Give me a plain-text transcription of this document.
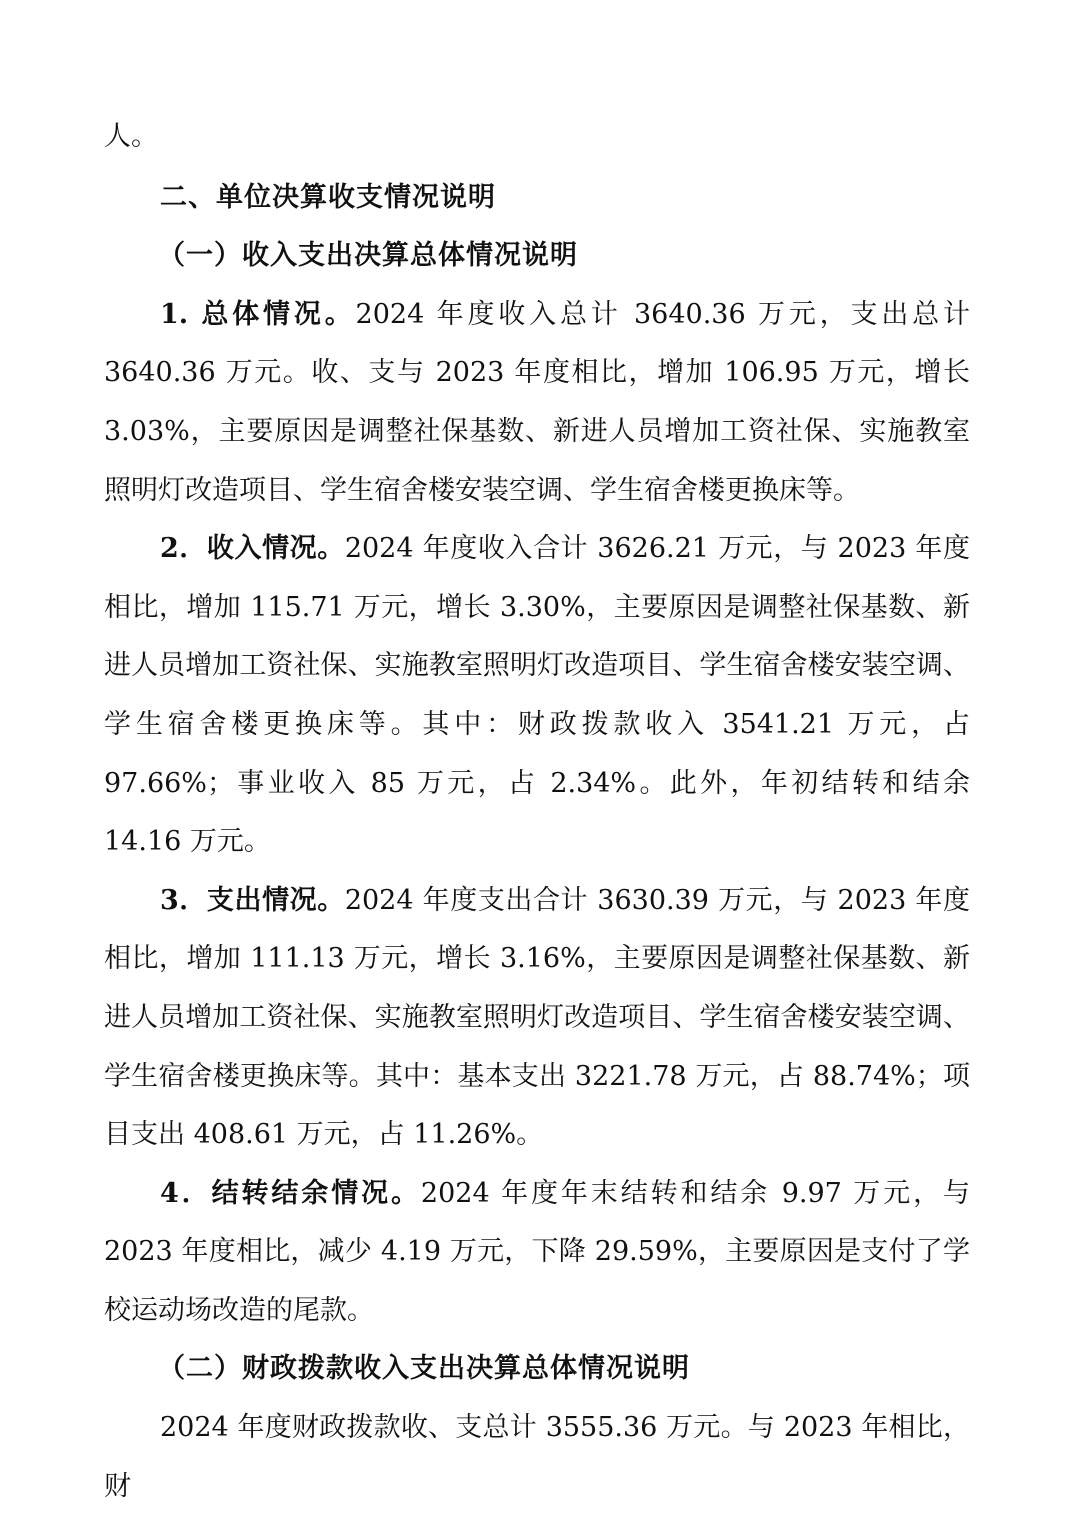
人。

二、单位决算收支情况说明

（一）收入支出决算总体情况说明

1. 总体情况。2024 年度收入总计 3640.36 万元，支出总计 3640.36 万元。收、支与 2023 年度相比，增加 106.95 万元，增长 3.03%，主要原因是调整社保基数、新进人员增加工资社保、实施教室照明灯改造项目、学生宿舍楼安装空调、学生宿舍楼更换床等。

2．收入情况。2024 年度收入合计 3626.21 万元，与 2023 年度相比，增加 115.71 万元，增长 3.30%，主要原因是调整社保基数、新进人员增加工资社保、实施教室照明灯改造项目、学生宿舍楼安装空调、学生宿舍楼更换床等。其中：财政拨款收入 3541.21 万元，占 97.66%；事业收入 85 万元，占 2.34%。此外，年初结转和结余 14.16 万元。

3．支出情况。2024 年度支出合计 3630.39 万元，与 2023 年度相比，增加 111.13 万元，增长 3.16%，主要原因是调整社保基数、新进人员增加工资社保、实施教室照明灯改造项目、学生宿舍楼安装空调、学生宿舍楼更换床等。其中：基本支出 3221.78 万元，占 88.74%；项目支出 408.61 万元，占 11.26%。

4．结转结余情况。2024 年度年末结转和结余 9.97 万元，与 2023 年度相比，减少 4.19 万元，下降 29.59%，主要原因是支付了学校运动场改造的尾款。

（二）财政拨款收入支出决算总体情况说明

2024 年度财政拨款收、支总计 3555.36 万元。与 2023 年相比，财
